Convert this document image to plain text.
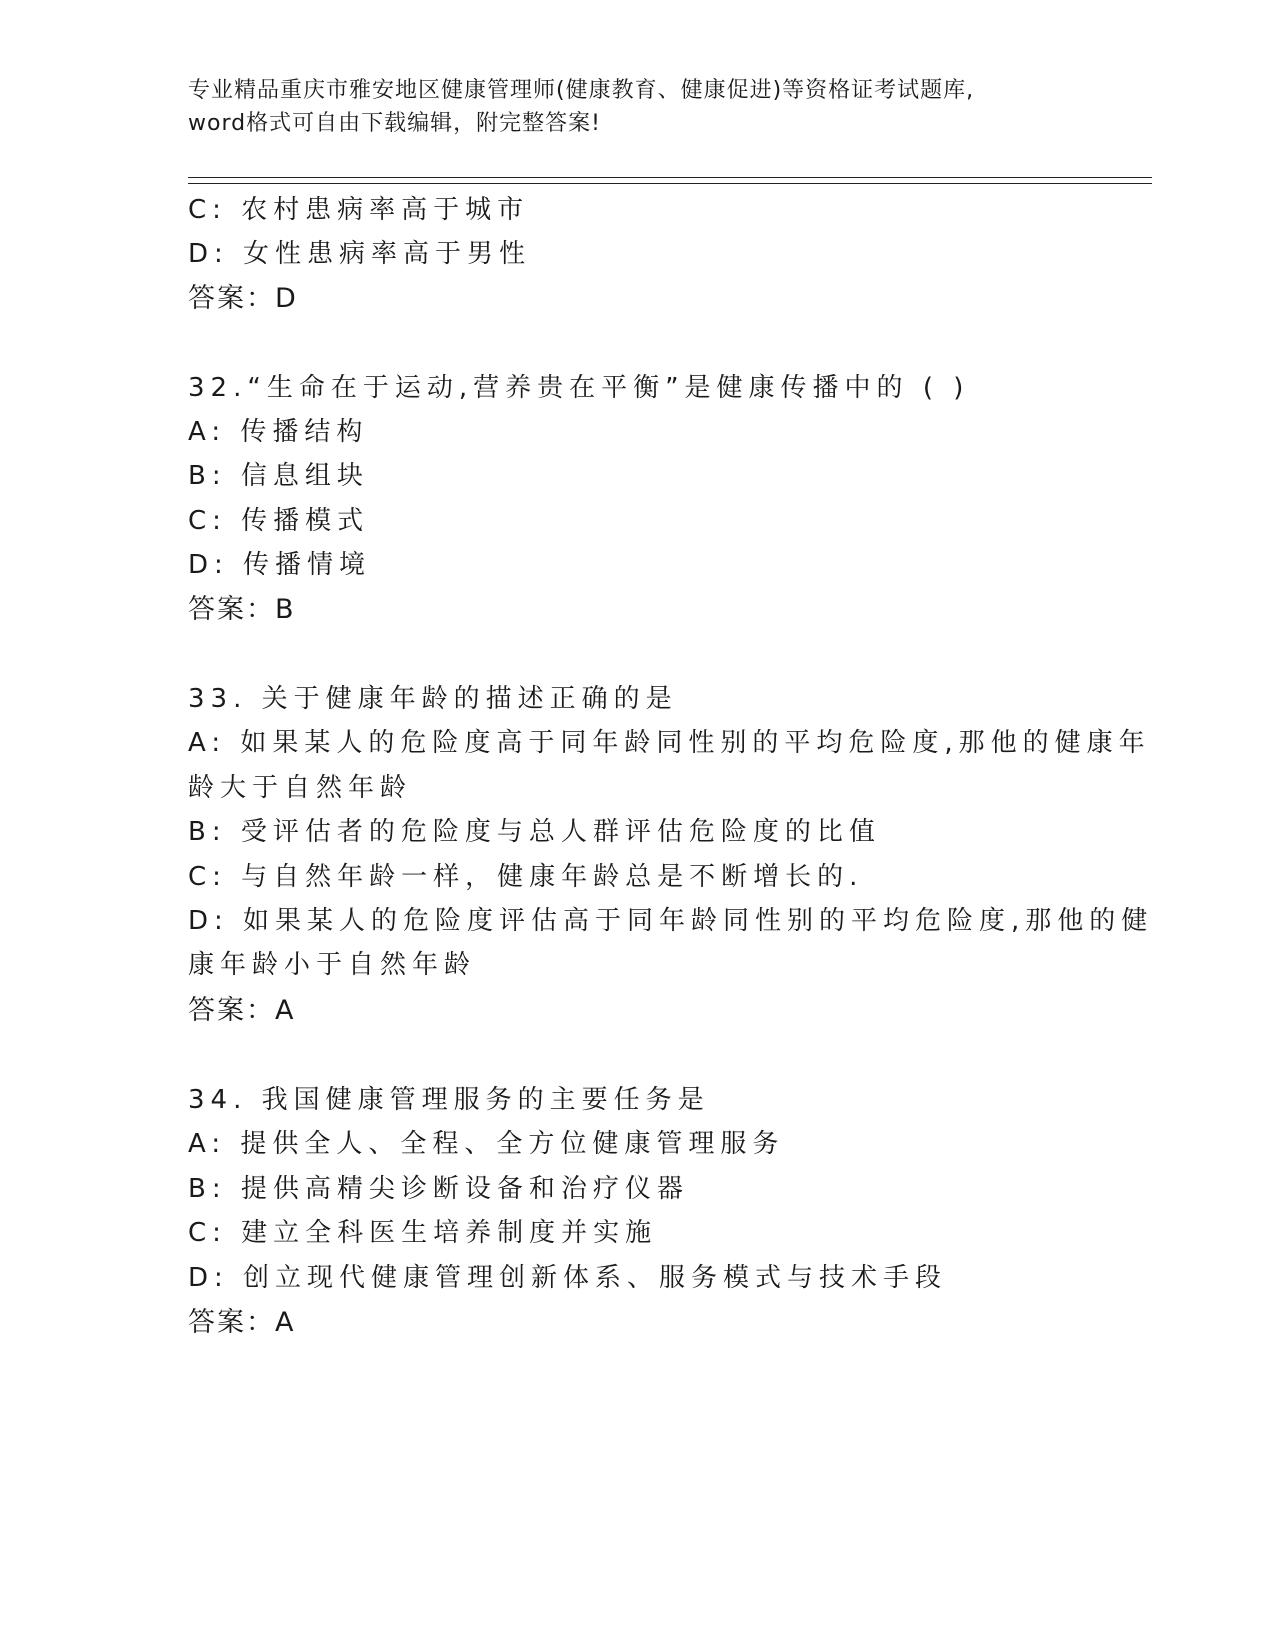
专业精品重庆市雅安地区健康管理师(健康教育、健康促进)等资格证考试题库,
word格式可自由下载编辑，附完整答案!
C: 农村患病率高于城市
D: 女性患病率高于男性
答案：D
32.“生命在于运动,营养贵在平衡”是健康传播中的 ( )
A: 传播结构
B: 信息组块
C: 传播模式
D: 传播情境
答案：B
33. 关于健康年龄的描述正确的是
A: 如果某人的危险度高于同年龄同性别的平均危险度,那他的健康年
龄大于自然年龄
B: 受评估者的危险度与总人群评估危险度的比值
C: 与自然年龄一样，健康年龄总是不断增长的.
D: 如果某人的危险度评估高于同年龄同性别的平均危险度,那他的健
康年龄小于自然年龄
答案：A
34. 我国健康管理服务的主要任务是
A: 提供全人、全程、全方位健康管理服务
B: 提供高精尖诊断设备和治疗仪器
C: 建立全科医生培养制度并实施
D: 创立现代健康管理创新体系、服务模式与技术手段
答案：A
